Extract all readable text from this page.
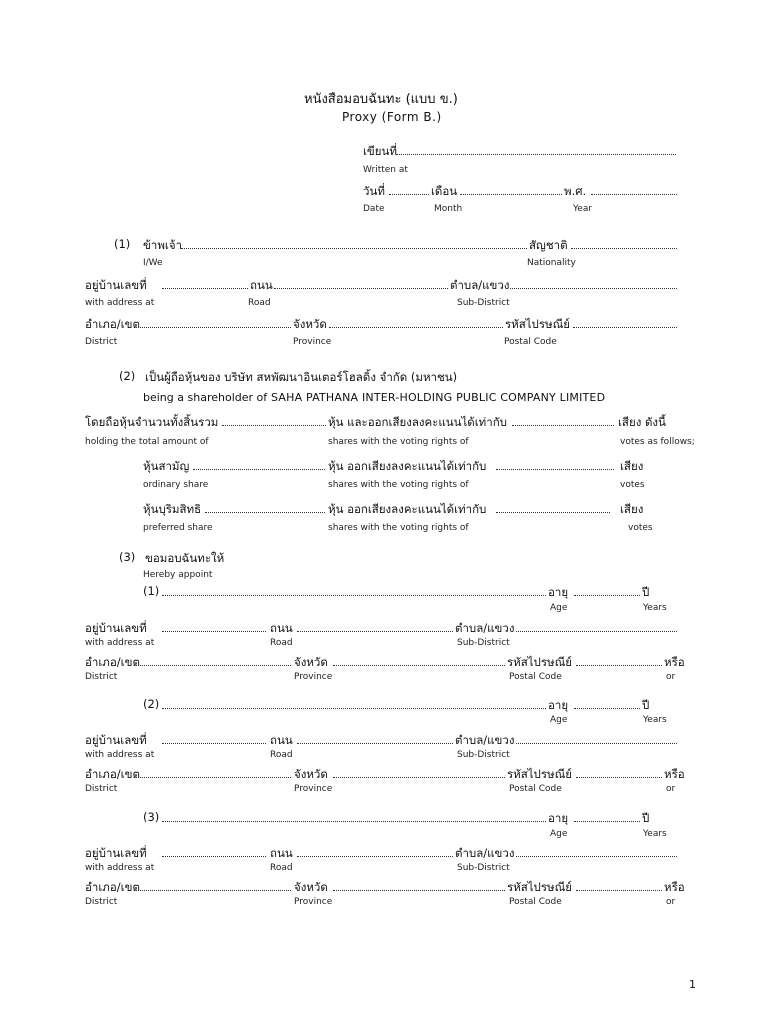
หนังสือมอบฉันทะ (แบบ ข.)
Proxy (Form B.)
เขียนที่
Written at
วันที่	เดือน	พ.ศ.
Date	Month	Year
(1) ข้าพเจ้า	สัญชาติ
I/We	Nationality
อยู่บ้านเลขที่	ถนน	ตำบล/แขวง
with address at	Road	Sub-District
อำเภอ/เขต	จังหวัด	รหัสไปรษณีย์
District	Province	Postal Code
(2) เป็นผู้ถือหุ้นของ บริษัท สหพัฒนาอินเตอร์โฮลดิ้ง จำกัด (มหาชน)
being a shareholder of SAHA PATHANA INTER-HOLDING PUBLIC COMPANY LIMITED
โดยถือหุ้นจำนวนทั้งสิ้นรวม	หุ้น และออกเสียงลงคะแนนได้เท่ากับ	เสียง ดังนี้
holding the total amount of	shares with the voting rights of	votes as follows;
หุ้นสามัญ	หุ้น ออกเสียงลงคะแนนได้เท่ากับ	เสียง
ordinary share	shares with the voting rights of	votes
หุ้นบุริมสิทธิ	หุ้น ออกเสียงลงคะแนนได้เท่ากับ	เสียง
preferred share	shares with the voting rights of	votes
(3) ขอมอบฉันทะให้
Hereby appoint
(1)	อายุ	ปี
Age	Years
อยู่บ้านเลขที่	ถนน	ตำบล/แขวง
with address at	Road	Sub-District
อำเภอ/เขต	จังหวัด	รหัสไปรษณีย์	หรือ
District	Province	Postal Code	or
(2)	อายุ	ปี
Age	Years
อยู่บ้านเลขที่	ถนน	ตำบล/แขวง
with address at	Road	Sub-District
อำเภอ/เขต	จังหวัด	รหัสไปรษณีย์	หรือ
District	Province	Postal Code	or
(3)	อายุ	ปี
Age	Years
อยู่บ้านเลขที่	ถนน	ตำบล/แขวง
with address at	Road	Sub-District
อำเภอ/เขต	จังหวัด	รหัสไปรษณีย์	หรือ
District	Province	Postal Code	or
1
